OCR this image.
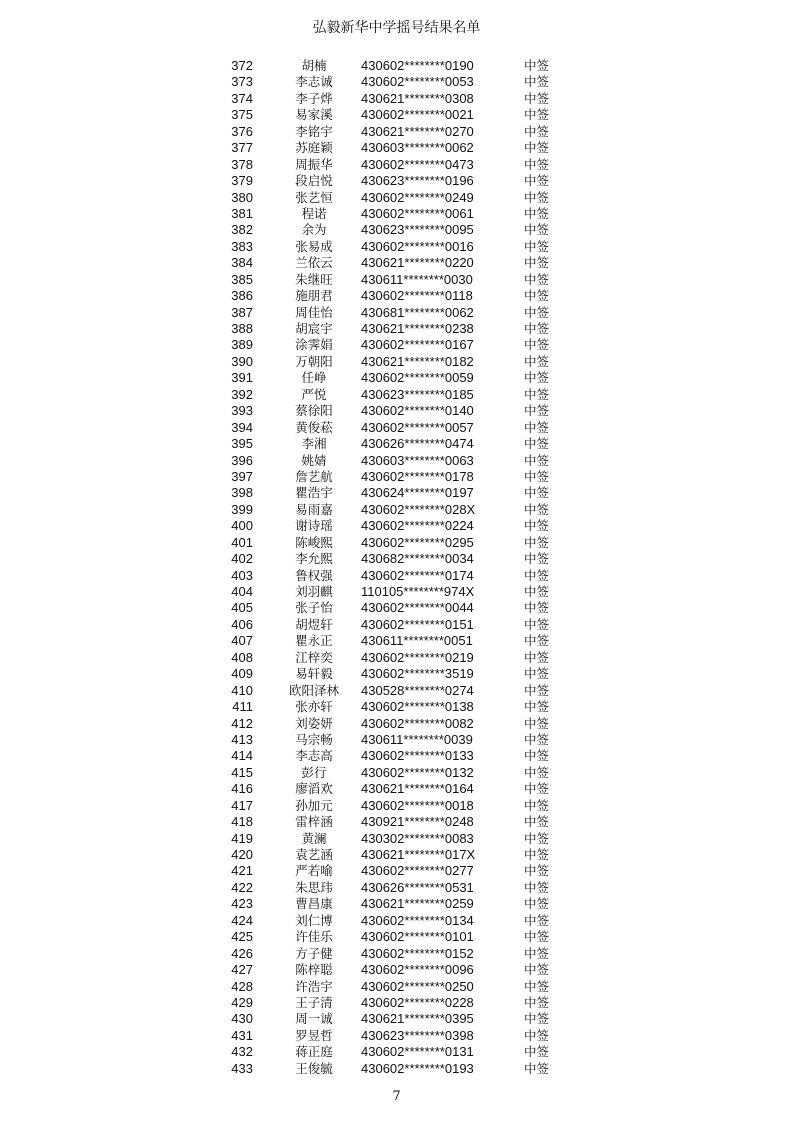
弘毅新华中学摇号结果名单
372	胡楠	430602********0190	中签
373	李志诚	430602********0053	中签
374	李子烨	430621********0308	中签
375	易家溪	430602********0021	中签
376	李铭宇	430621********0270	中签
377	苏庭颖	430603********0062	中签
378	周振华	430602********0473	中签
379	段启悦	430623********0196	中签
380	张艺恒	430602********0249	中签
381	程诺	430602********0061	中签
382	余为	430623********0095	中签
383	张易成	430602********0016	中签
384	兰依云	430621********0220	中签
385	朱继旺	430611********0030	中签
386	施朋君	430602********0118	中签
387	周佳怡	430681********0062	中签
388	胡宸宇	430621********0238	中签
389	涂霁娟	430602********0167	中签
390	万朝阳	430621********0182	中签
391	任峥	430602********0059	中签
392	严悦	430623********0185	中签
393	蔡徐阳	430602********0140	中签
394	黄俊菘	430602********0057	中签
395	李湘	430626********0474	中签
396	姚婧	430603********0063	中签
397	詹艺航	430602********0178	中签
398	瞿浩宇	430624********0197	中签
399	易雨嘉	430602********028X	中签
400	谢诗瑶	430602********0224	中签
401	陈峻熙	430602********0295	中签
402	李允熙	430682********0034	中签
403	鲁权强	430602********0174	中签
404	刘羽麒	110105********974X	中签
405	张子怡	430602********0044	中签
406	胡煜轩	430602********0151	中签
407	瞿永正	430611********0051	中签
408	江梓奕	430602********0219	中签
409	易轩毅	430602********3519	中签
410	欧阳泽林	430528********0274	中签
411	张亦轩	430602********0138	中签
412	刘姿妍	430602********0082	中签
413	马宗畅	430611********0039	中签
414	李志高	430602********0133	中签
415	彭行	430602********0132	中签
416	廖滔欢	430621********0164	中签
417	孙加元	430602********0018	中签
418	雷梓涵	430921********0248	中签
419	黄澜	430302********0083	中签
420	袁艺涵	430621********017X	中签
421	严若喻	430602********0277	中签
422	朱思玮	430626********0531	中签
423	曹昌康	430621********0259	中签
424	刘仁博	430602********0134	中签
425	许佳乐	430602********0101	中签
426	方子健	430602********0152	中签
427	陈梓聪	430602********0096	中签
428	许浩宇	430602********0250	中签
429	王子清	430602********0228	中签
430	周一诚	430621********0395	中签
431	罗昱哲	430623********0398	中签
432	蒋正庭	430602********0131	中签
433	王俊毓	430602********0193	中签
7
